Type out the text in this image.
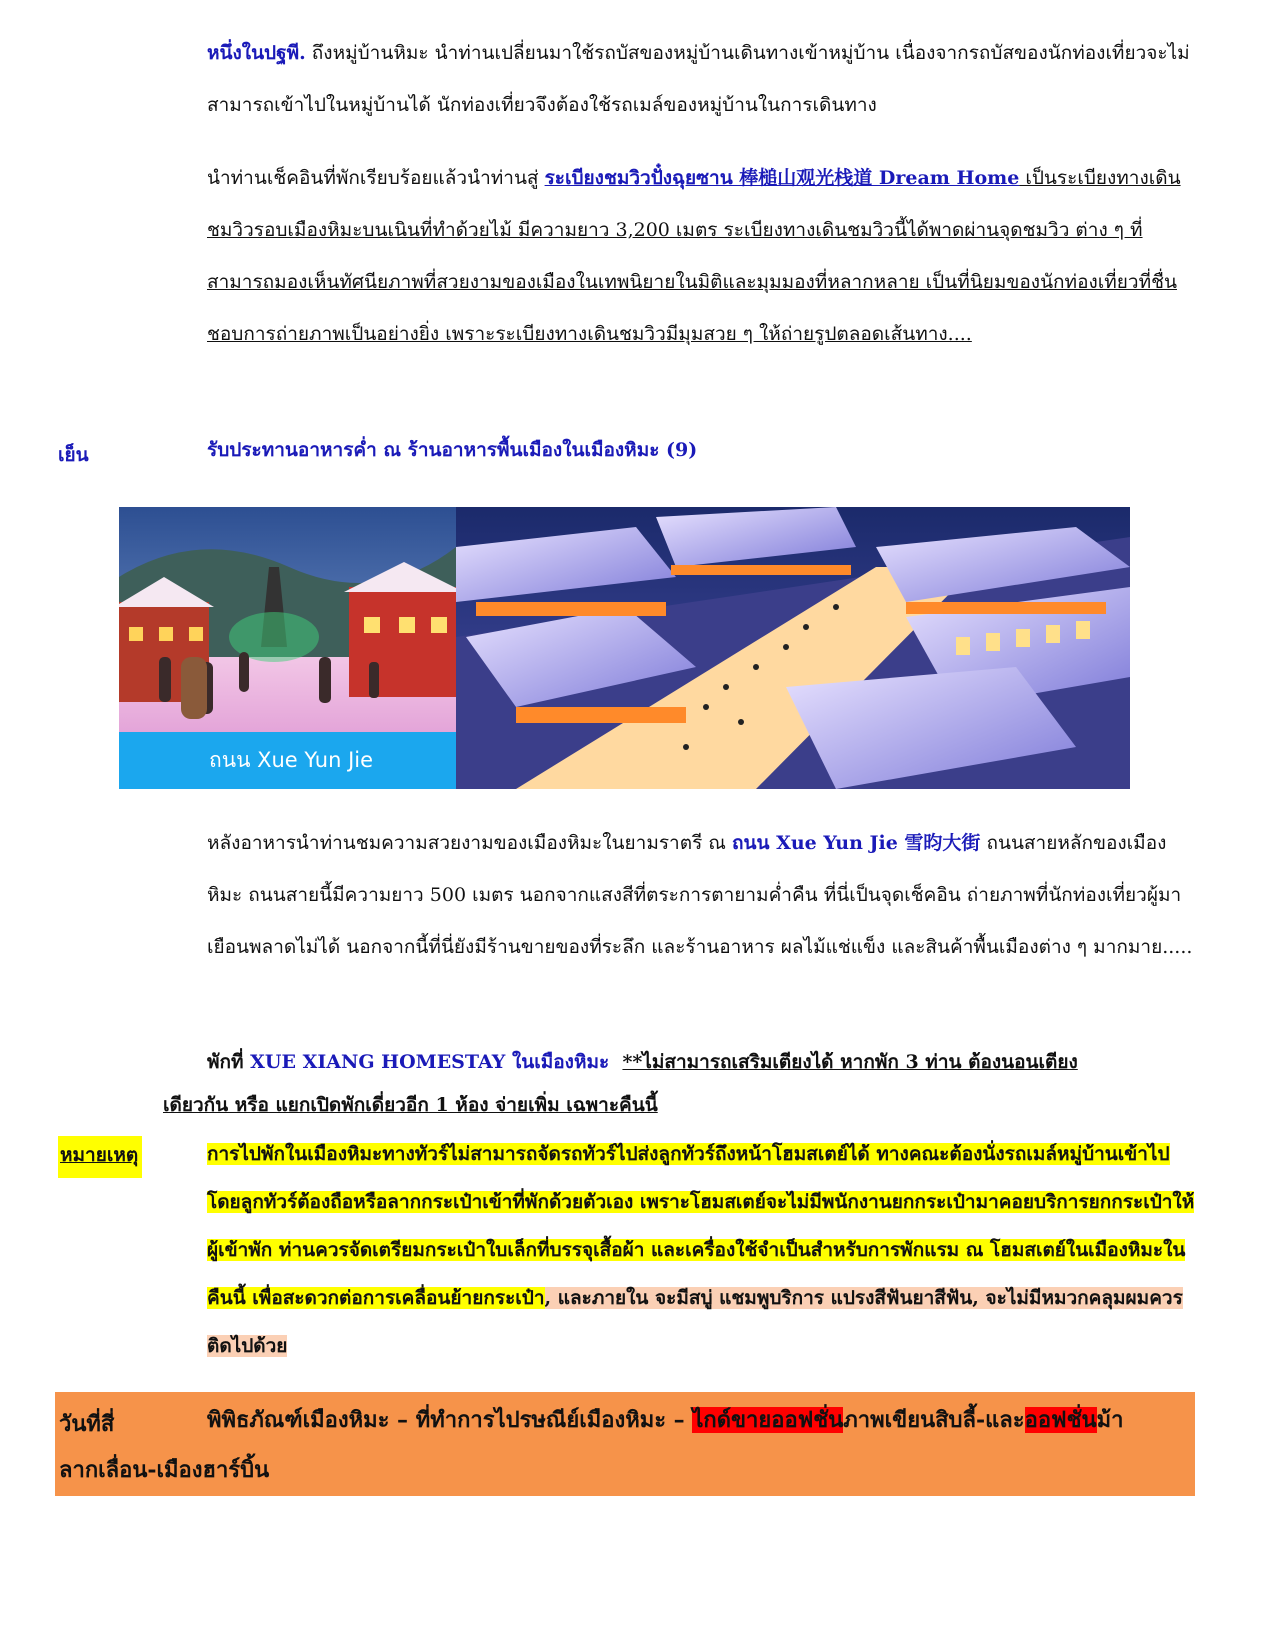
หนึ่งในปฐพี. ถึงหมู่บ้านหิมะ นำท่านเปลี่ยนมาใช้รถบัสของหมู่บ้านเดินทางเข้าหมู่บ้าน เนื่องจากรถบัสของนักท่องเที่ยวจะไม่สามารถเข้าไปในหมู่บ้านได้ นักท่องเที่ยวจึงต้องใช้รถเมล์ของหมู่บ้านในการเดินทาง
นำท่านเช็คอินที่พักเรียบร้อยแล้วนำท่านสู่ ระเบียงชมวิวปั๋งฉุยซาน 棒槌山观光栈道 Dream Home เป็นระเบียงทางเดินชมวิวรอบเมืองหิมะบนเนินที่ทำด้วยไม้ มีความยาว 3,200 เมตร ระเบียงทางเดินชมวิวนี้ได้พาดผ่านจุดชมวิว ต่าง ๆ ที่สามารถมองเห็นทัศนียภาพที่สวยงามของเมืองในเทพนิยายในมิติและมุมมองที่หลากหลาย เป็นที่นิยมของนักท่องเที่ยวที่ชื่นชอบการถ่ายภาพเป็นอย่างยิ่ง เพราะระเบียงทางเดินชมวิวมีมุมสวย ๆ ให้ถ่ายรูปตลอดเส้นทาง....
เย็น	รับประทานอาหารค่ำ ณ ร้านอาหารพื้นเมืองในเมืองหิมะ (9)
ถนน Xue Yun Jie
หลังอาหารนำท่านชมความสวยงามของเมืองหิมะในยามราตรี ณ ถนน Xue Yun Jie 雪昀大街 ถนนสายหลักของเมืองหิมะ ถนนสายนี้มีความยาว 500 เมตร นอกจากแสงสีที่ตระการตายามค่ำคืน ที่นี่เป็นจุดเช็คอิน ถ่ายภาพที่นักท่องเที่ยวผู้มาเยือนพลาดไม่ได้ นอกจากนี้ที่นี่ยังมีร้านขายของที่ระลึก และร้านอาหาร ผลไม้แช่แข็ง และสินค้าพื้นเมืองต่าง ๆ มากมาย.....
พักที่ XUE XIANG HOMESTAY ในเมืองหิมะ **ไม่สามารถเสริมเตียงได้ หากพัก 3 ท่าน ต้องนอนเตียง
เดียวกัน หรือ แยกเปิดพักเดี่ยวอีก 1 ห้อง จ่ายเพิ่ม เฉพาะคืนนี้
หมายเหตุ	การไปพักในเมืองหิมะทางทัวร์ไม่สามารถจัดรถทัวร์ไปส่งลูกทัวร์ถึงหน้าโฮมสเตย์ได้ ทางคณะต้องนั่งรถเมล์หมู่บ้านเข้าไป โดยลูกทัวร์ต้องถือหรือลากกระเป๋าเข้าที่พักด้วยตัวเอง เพราะโฮมสเตย์จะไม่มีพนักงานยกกระเป๋ามาคอยบริการยกกระเป๋าให้ผู้เข้าพัก ท่านควรจัดเตรียมกระเป๋าใบเล็กที่บรรจุเสื้อผ้า และเครื่องใช้จำเป็นสำหรับการพักแรม ณ โฮมสเตย์ในเมืองหิมะในคืนนี้ เพื่อสะดวกต่อการเคลื่อนย้ายกระเป๋า, และภายใน จะมีสบู่ แชมพูบริการ แปรงสีฟันยาสีฟัน, จะไม่มีหมวกคลุมผมควรติดไปด้วย
วันที่สี่	พิพิธภัณฑ์เมืองหิมะ – ที่ทำการไปรษณีย์เมืองหิมะ – ไกด์ขายออฟชั่นภาพเขียนสิบลี้-และออฟชั่นม้า
ลากเลื่อน-เมืองฮาร์บิ้น
